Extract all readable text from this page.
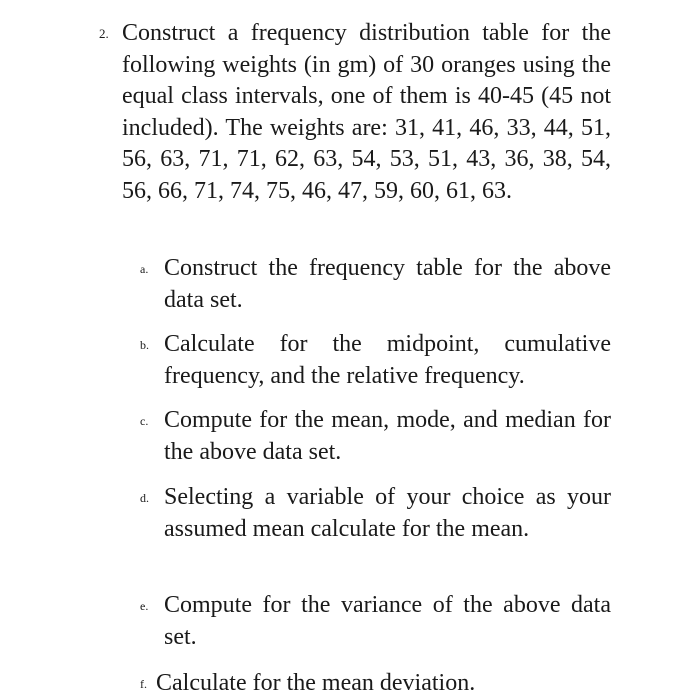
2. Construct a frequency distribution table for the following weights (in gm) of 30 oranges using the equal class intervals, one of them is 40-45 (45 not included). The weights are: 31, 41, 46, 33, 44, 51, 56, 63, 71, 71, 62, 63, 54, 53, 51, 43, 36, 38, 54, 56, 66, 71, 74, 75, 46, 47, 59, 60, 61, 63.
a. Construct the frequency table for the above data set.
b. Calculate for the midpoint, cumulative frequency, and the relative frequency.
c. Compute for the mean, mode, and median for the above data set.
d. Selecting a variable of your choice as your assumed mean calculate for the mean.
e. Compute for the variance of the above data set.
f. Calculate for the mean deviation.
